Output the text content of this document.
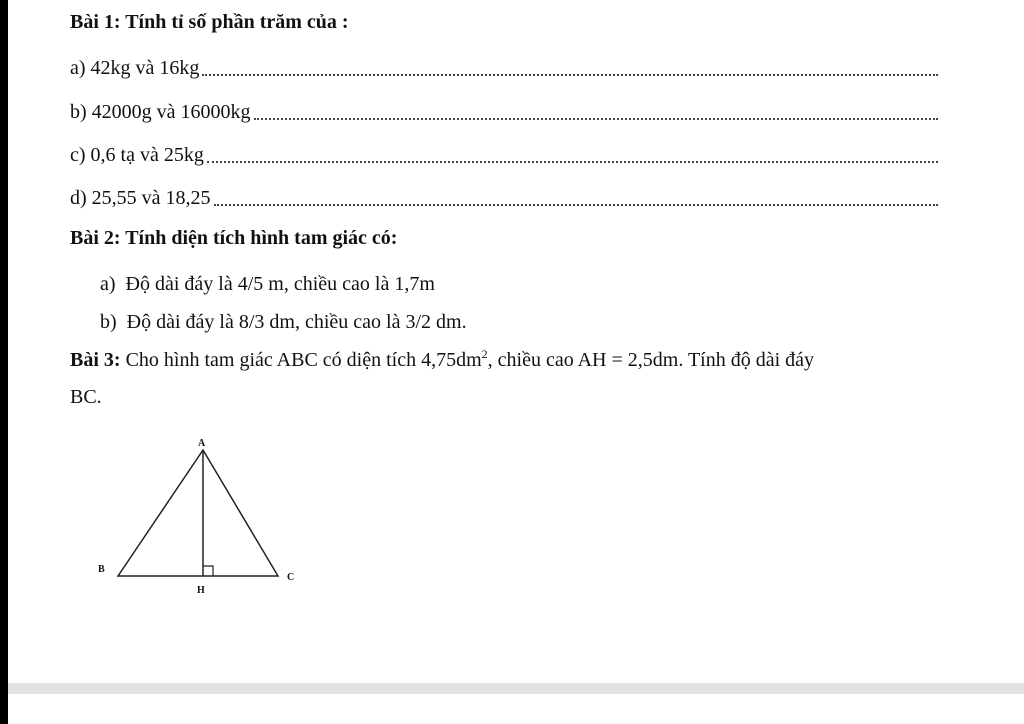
Bài 1: Tính tỉ số phần trăm của :
a) 42kg và 16kg
b) 42000g và 16000kg
c) 0,6 tạ và 25kg
d) 25,55 và 18,25
Bài 2: Tính diện tích hình tam giác có:
a) Độ dài đáy là 4/5 m, chiều cao là 1,7m
b) Độ dài đáy là 8/3 dm, chiều cao là 3/2 dm.
Bài 3: Cho hình tam giác ABC có diện tích $4,75dm^2$, chiều cao AH = 2,5dm. Tính độ dài đáy
BC.
A
B
C
H
